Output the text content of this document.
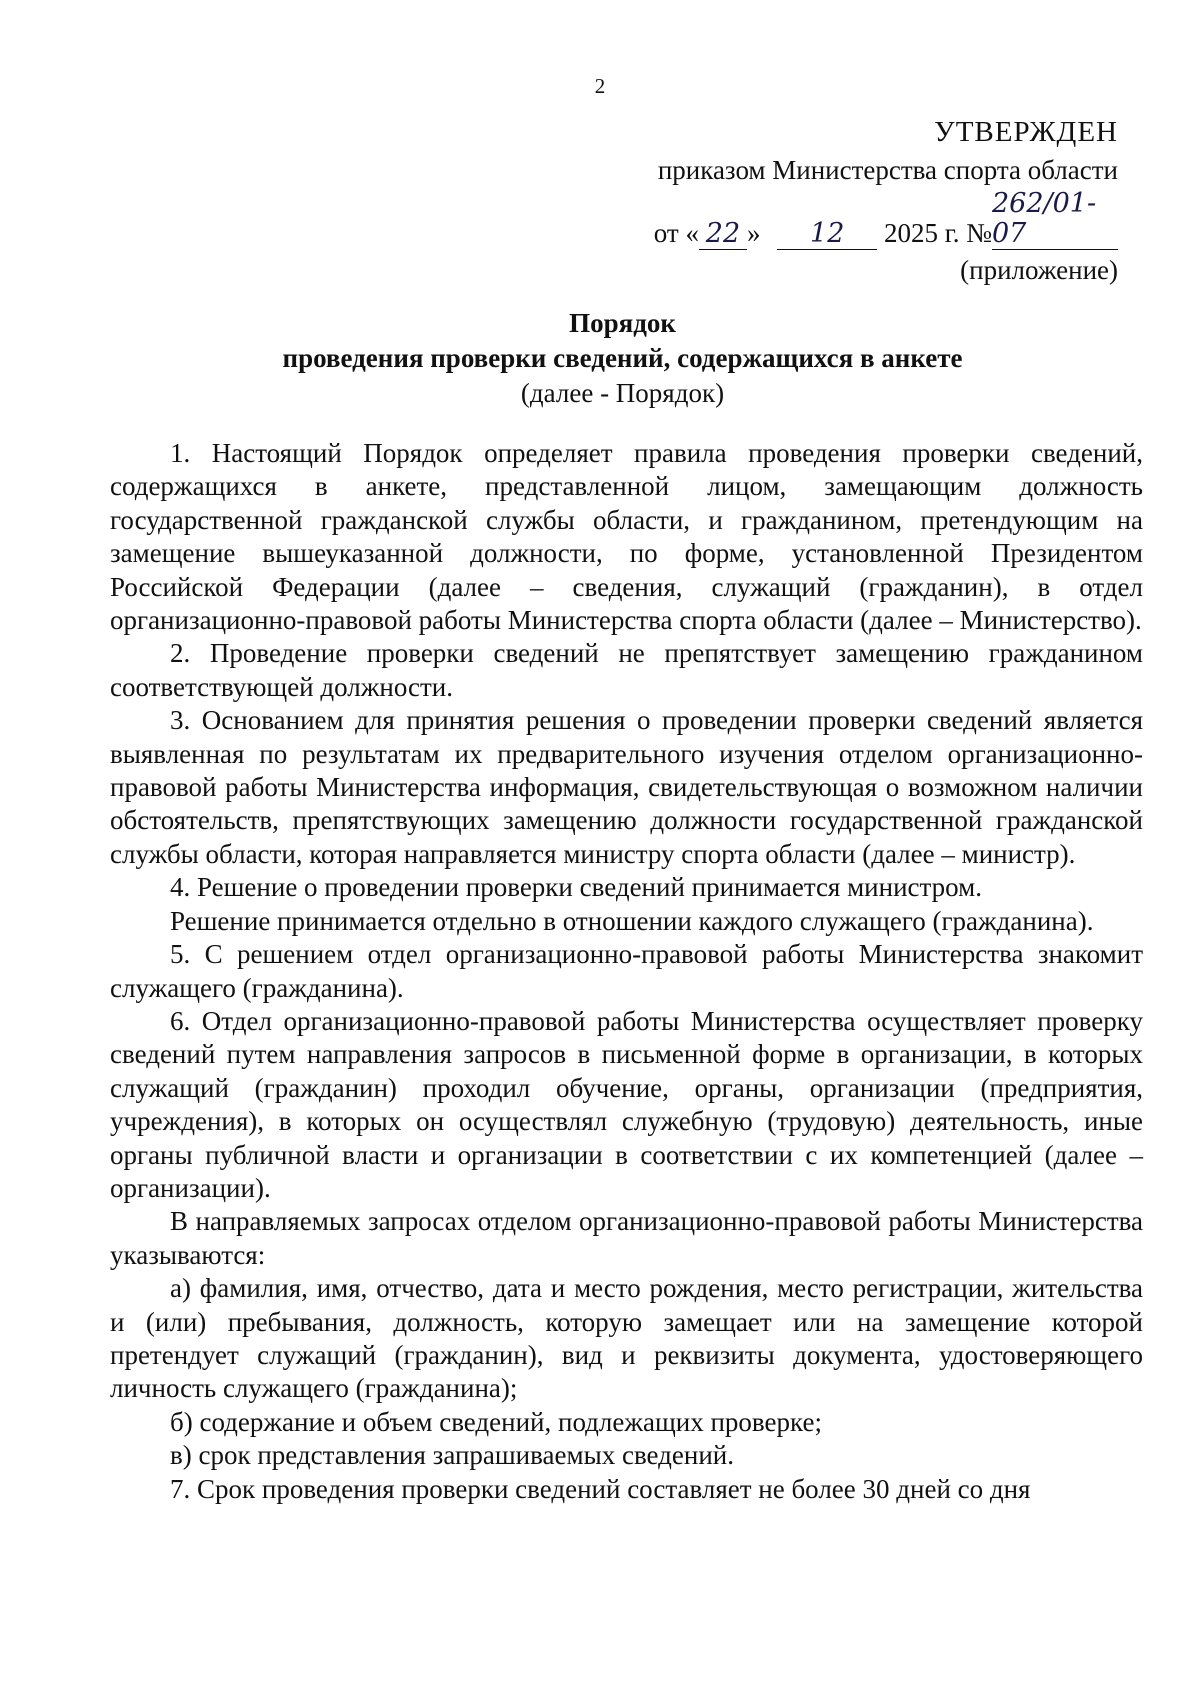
2
УТВЕРЖДЕН
приказом Министерства спорта области
от « 22 » 12 2025 г. №262/01-07
(приложение)
Порядок
проведения проверки сведений, содержащихся в анкете
(далее - Порядок)

1. Настоящий Порядок определяет правила проведения проверки сведений, содержащихся в анкете, представленной лицом, замещающим должность государственной гражданской службы области, и гражданином, претендующим на замещение вышеуказанной должности, по форме, установленной Президентом Российской Федерации (далее – сведения, служащий (гражданин), в отдел организационно-правовой работы Министерства спорта области (далее – Министерство).

2. Проведение проверки сведений не препятствует замещению гражданином соответствующей должности.

3. Основанием для принятия решения о проведении проверки сведений является выявленная по результатам их предварительного изучения отделом организационно-правовой работы Министерства информация, свидетельствующая о возможном наличии обстоятельств, препятствующих замещению должности государственной гражданской службы области, которая направляется министру спорта области (далее – министр).

4. Решение о проведении проверки сведений принимается министром.

Решение принимается отдельно в отношении каждого служащего (гражданина).

5. С решением отдел организационно-правовой работы Министерства знакомит служащего (гражданина).

6. Отдел организационно-правовой работы Министерства осуществляет проверку сведений путем направления запросов в письменной форме в организации, в которых служащий (гражданин) проходил обучение, органы, организации (предприятия, учреждения), в которых он осуществлял служебную (трудовую) деятельность, иные органы публичной власти и организации в соответствии с их компетенцией (далее – организации).

В направляемых запросах отделом организационно-правовой работы Министерства указываются:

а) фамилия, имя, отчество, дата и место рождения, место регистрации, жительства и (или) пребывания, должность, которую замещает или на замещение которой претендует служащий (гражданин), вид и реквизиты документа, удостоверяющего личность служащего (гражданина);

б) содержание и объем сведений, подлежащих проверке;

в) срок представления запрашиваемых сведений.

7. Срок проведения проверки сведений составляет не более 30 дней со дня
